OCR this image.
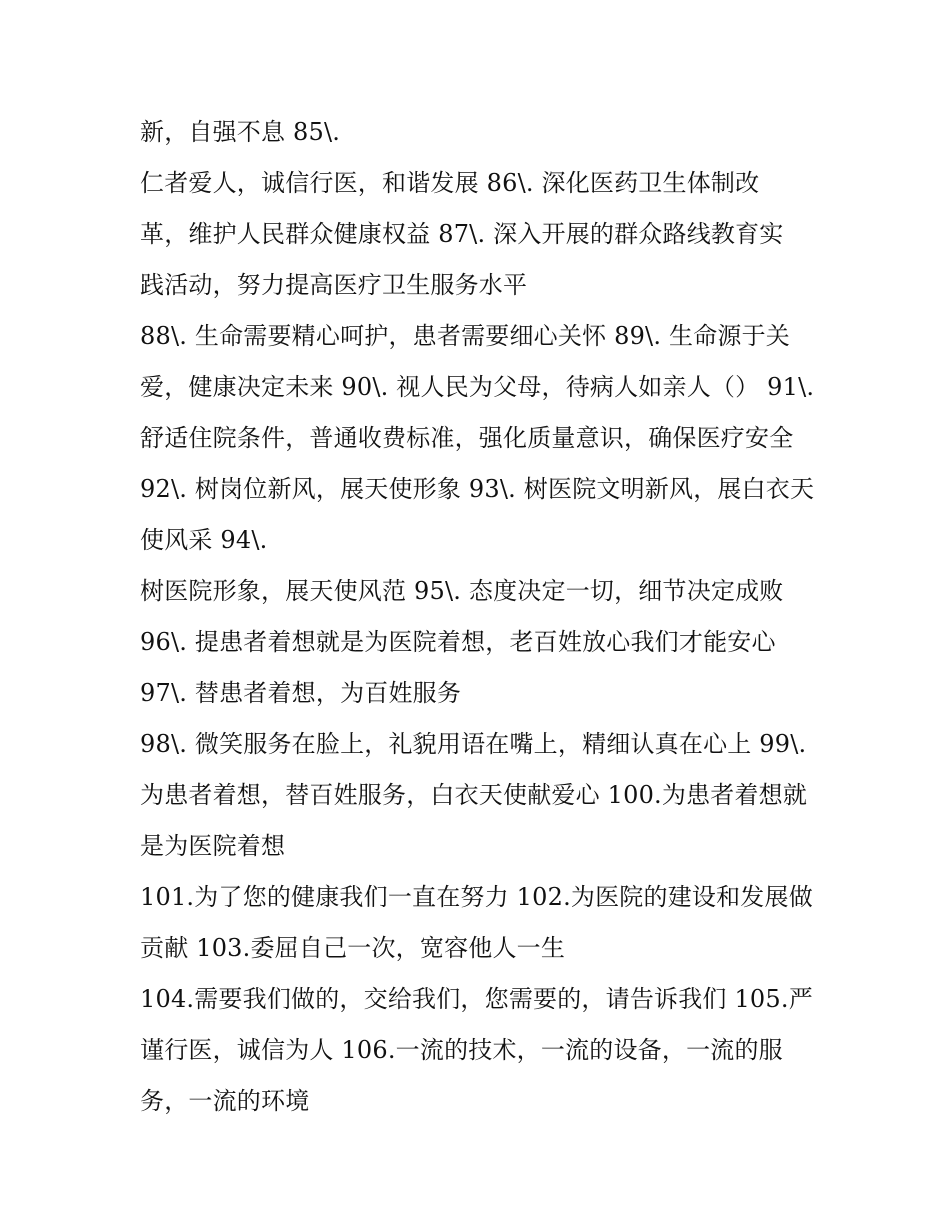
新，自强不息 85\.
仁者爱人，诚信行医，和谐发展 86\. 深化医药卫生体制改
革，维护人民群众健康权益 87\. 深入开展的群众路线教育实
践活动，努力提高医疗卫生服务水平
88\. 生命需要精心呵护，患者需要细心关怀 89\. 生命源于关
爱，健康决定未来 90\. 视人民为父母，待病人如亲人（） 91\.
舒适住院条件，普通收费标准，强化质量意识，确保医疗安全
92\. 树岗位新风，展天使形象 93\. 树医院文明新风，展白衣天
使风采 94\.
树医院形象，展天使风范 95\. 态度决定一切，细节决定成败
96\. 提患者着想就是为医院着想，老百姓放心我们才能安心
97\. 替患者着想，为百姓服务
98\. 微笑服务在脸上，礼貌用语在嘴上，精细认真在心上 99\.
为患者着想，替百姓服务，白衣天使献爱心 100.为患者着想就
是为医院着想
101.为了您的健康我们一直在努力 102.为医院的建设和发展做
贡献 103.委屈自己一次，宽容他人一生
104.需要我们做的，交给我们，您需要的，请告诉我们 105.严
谨行医，诚信为人 106.一流的技术，一流的设备，一流的服
务，一流的环境
